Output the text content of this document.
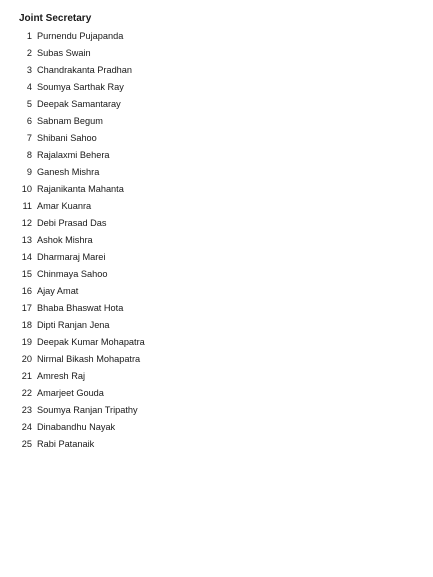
Joint Secretary
1 Purnendu Pujapanda
2 Subas Swain
3 Chandrakanta Pradhan
4 Soumya Sarthak Ray
5 Deepak Samantaray
6 Sabnam Begum
7 Shibani Sahoo
8 Rajalaxmi Behera
9 Ganesh Mishra
10 Rajanikanta Mahanta
11 Amar Kuanra
12 Debi Prasad Das
13 Ashok Mishra
14 Dharmaraj Marei
15 Chinmaya Sahoo
16 Ajay Amat
17 Bhaba Bhaswat Hota
18 Dipti Ranjan Jena
19 Deepak Kumar Mohapatra
20 Nirmal Bikash Mohapatra
21 Amresh Raj
22 Amarjeet Gouda
23 Soumya Ranjan Tripathy
24 Dinabandhu Nayak
25 Rabi Patanaik
